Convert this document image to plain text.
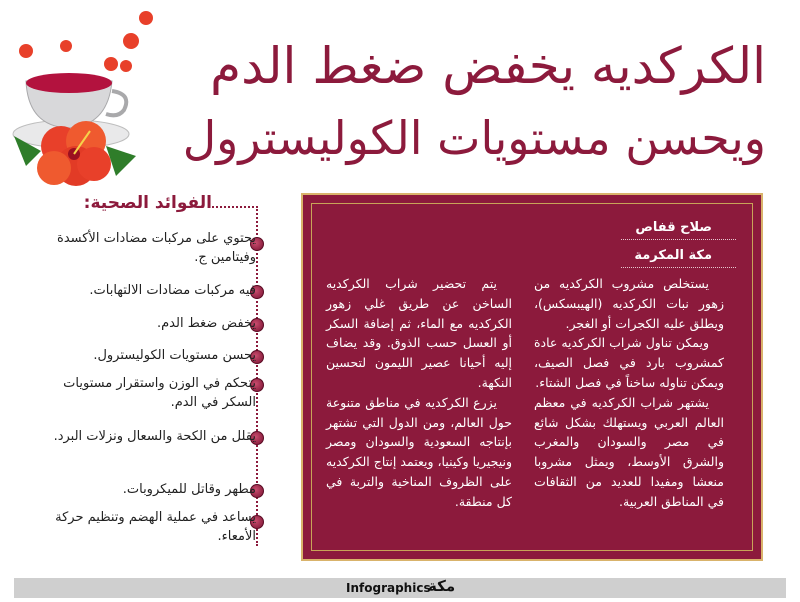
الكركديه يخفض ضغط الدم
ويحسن مستويات الكوليسترول
الفوائد الصحية:
يحتوي على مركبات مضادات الأكسدة وفيتامين ج.
فيه مركبات مضادات الالتهابات.
يخفض ضغط الدم.
يحسن مستويات الكوليسترول.
يتحكم في الوزن واستقرار مستويات السكر في الدم.
يقلل من الكحة والسعال ونزلات البرد.
مطهر وقاتل للميكروبات.
يساعد في عملية الهضم وتنظيم حركة الأمعاء.
صلاح قفاص
مكة المكرمة

يستخلص مشروب الكركديه من زهور نبات الكركديه (الهيبسكس)، ويطلق عليه الكجرات أو الغجر.

ويمكن تناول شراب الكركديه عادة كمشروب بارد في فصل الصيف، ويمكن تناوله ساخناً في فصل الشتاء.

يشتهر شراب الكركديه في معظم العالم العربي ويستهلك بشكل شائع في مصر والسودان والمغرب والشرق الأوسط، ويمثل مشروبا منعشا ومفيدا للعديد من الثقافات في المناطق العربية.

يتم تحضير شراب الكركديه الساخن عن طريق غلي زهور الكركديه مع الماء، ثم إضافة السكر أو العسل حسب الذوق. وقد يضاف إليه أحيانا عصير الليمون لتحسين النكهة.

يزرع الكركديه في مناطق متنوعة حول العالم، ومن الدول التي تشتهر بإنتاجه السعودية والسودان ومصر ونيجيريا وكينيا، ويعتمد إنتاج الكركديه على الظروف المناخية والتربة في كل منطقة.

Infographics
مكة
